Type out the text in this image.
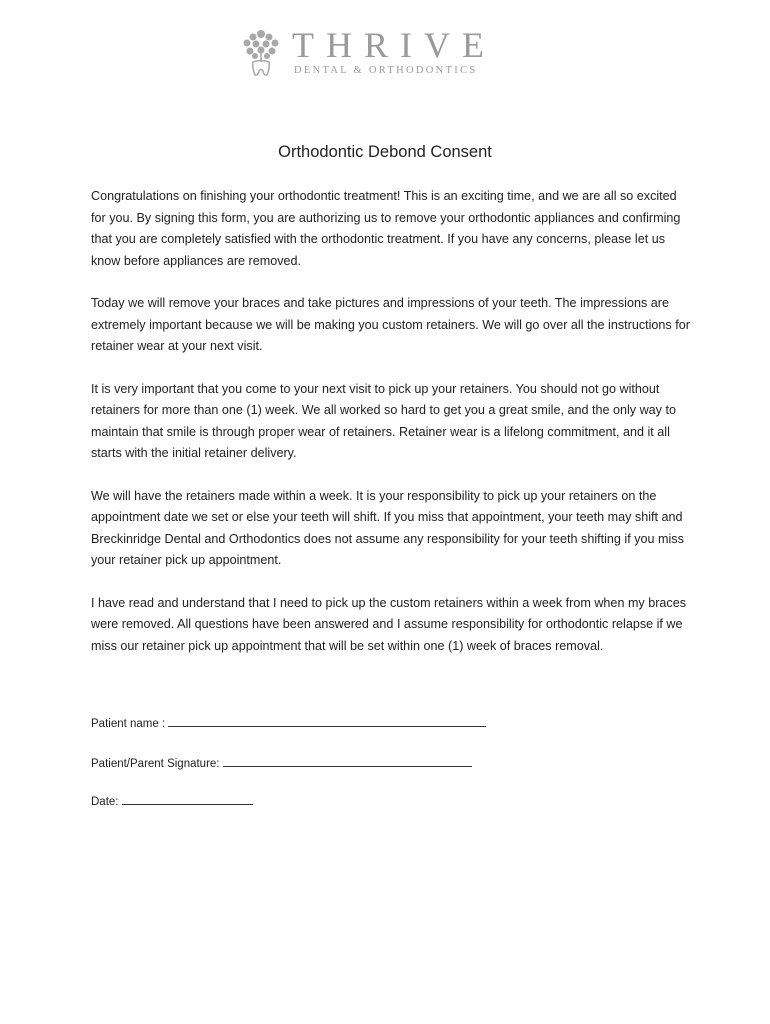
THRIVE
DENTAL & ORTHODONTICS
Orthodontic Debond Consent

Congratulations on finishing your orthodontic treatment! This is an exciting time, and we are all so excited for you. By signing this form, you are authorizing us to remove your orthodontic appliances and confirming that you are completely satisfied with the orthodontic treatment. If you have any concerns, please let us know before appliances are removed.

Today we will remove your braces and take pictures and impressions of your teeth. The impressions are extremely important because we will be making you custom retainers. We will go over all the instructions for retainer wear at your next visit.

It is very important that you come to your next visit to pick up your retainers. You should not go without retainers for more than one (1) week. We all worked so hard to get you a great smile, and the only way to maintain that smile is through proper wear of retainers. Retainer wear is a lifelong commitment, and it all starts with the initial retainer delivery.

We will have the retainers made within a week. It is your responsibility to pick up your retainers on the appointment date we set or else your teeth will shift. If you miss that appointment, your teeth may shift and Breckinridge Dental and Orthodontics does not assume any responsibility for your teeth shifting if you miss your retainer pick up appointment.

I have read and understand that I need to pick up the custom retainers within a week from when my braces were removed. All questions have been answered and I assume responsibility for orthodontic relapse if we miss our retainer pick up appointment that will be set within one (1) week of braces removal.

Patient name :
Patient/Parent Signature:
Date:
